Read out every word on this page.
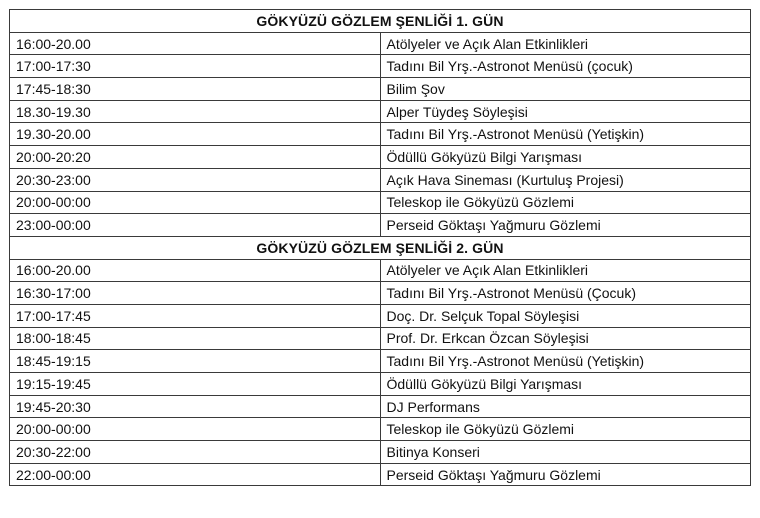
GÖKYÜZÜ GÖZLEM ŞENLİĞİ 1. GÜN	
16:00-20.00	Atölyeler ve Açık Alan Etkinlikleri
17:00-17:30	Tadını Bil Yrş.-Astronot Menüsü (çocuk)
17:45-18:30	Bilim Şov
18.30-19.30	Alper Tüydeş Söyleşisi
19.30-20.00	Tadını Bil Yrş.-Astronot Menüsü (Yetişkin)
20:00-20:20	Ödüllü Gökyüzü Bilgi Yarışması
20:30-23:00	Açık Hava Sineması (Kurtuluş Projesi)
20:00-00:00	Teleskop ile Gökyüzü Gözlemi
23:00-00:00	Perseid Göktaşı Yağmuru Gözlemi
GÖKYÜZÜ GÖZLEM ŞENLİĞİ 2. GÜN	
16:00-20.00	Atölyeler ve Açık Alan Etkinlikleri
16:30-17:00	Tadını Bil Yrş.-Astronot Menüsü (Çocuk)
17:00-17:45	Doç. Dr. Selçuk Topal Söyleşisi
18:00-18:45	Prof. Dr. Erkcan Özcan Söyleşisi
18:45-19:15	Tadını Bil Yrş.-Astronot Menüsü (Yetişkin)
19:15-19:45	Ödüllü Gökyüzü Bilgi Yarışması
19:45-20:30	DJ Performans
20:00-00:00	Teleskop ile Gökyüzü Gözlemi
20:30-22:00	Bitinya Konseri
22:00-00:00	Perseid Göktaşı Yağmuru Gözlemi
